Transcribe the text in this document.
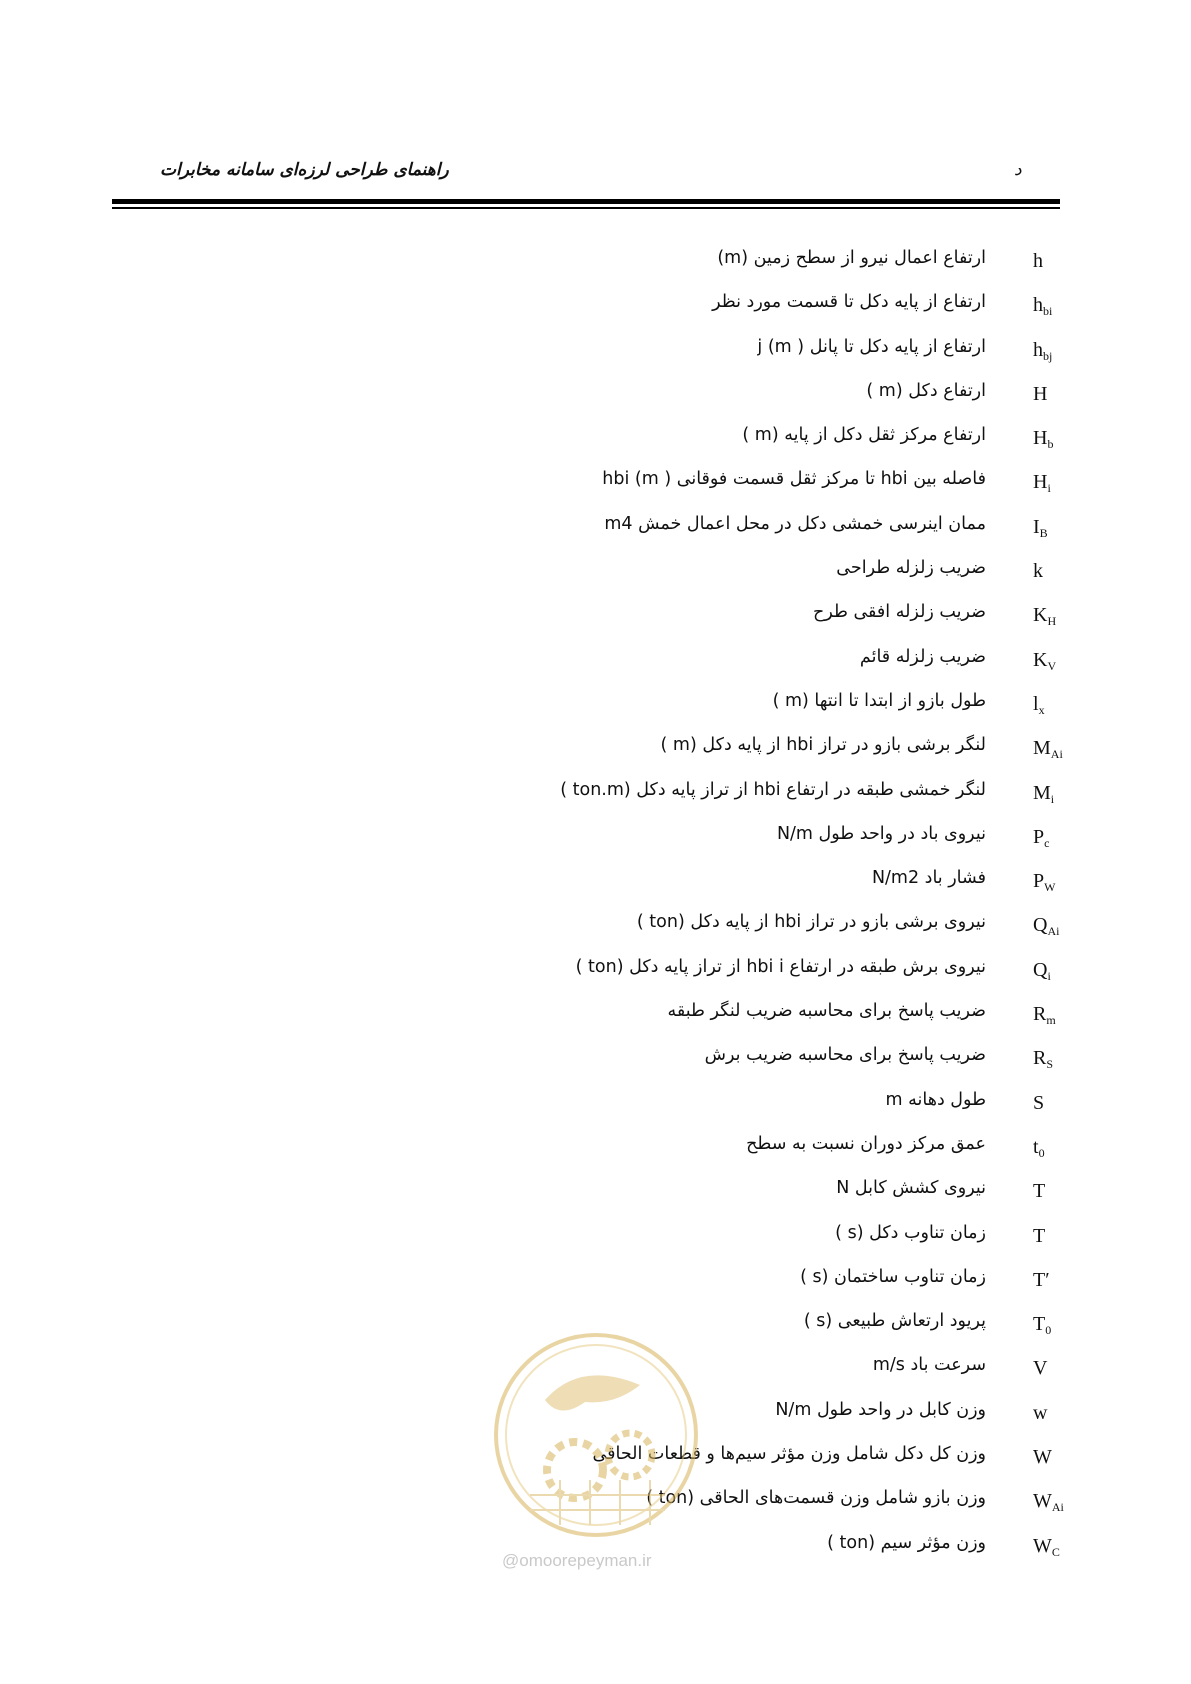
راهنمای طراحی لرزه‌ای سامانه مخابرات	د
h
ارتفاع اعمال نیرو از سطح زمین (m)
$h_{bi}$
ارتفاع از پایه دکل تا قسمت مورد نظر
$h_{bj}$
ارتفاع از پایه دکل تا پانل j (m )
H
ارتفاع دکل (m )
$H_b$
ارتفاع مرکز ثقل دکل از پایه (m )
$H_i$
فاصله بین hbi تا مرکز ثقل قسمت فوقانی hbi (m )
$I_B$
ممان اینرسی خمشی دکل در محل اعمال خمش m4
k
ضریب زلزله طراحی
$K_H$
ضریب زلزله افقی طرح
$K_V$
ضریب زلزله قائم
$l_x$
طول بازو از ابتدا تا انتها (m )
$M_{Ai}$
لنگر برشی بازو در تراز hbi از پایه دکل (m )
$M_i$
لنگر خمشی طبقه در ارتفاع hbi از تراز پایه دکل (ton.m )
$P_c$
نیروی باد در واحد طول N/m
$P_W$
فشار باد N/m2
$Q_{Ai}$
نیروی برشی بازو در تراز hbi از پایه دکل (ton )
$Q_i$
نیروی برش طبقه در ارتفاع hbi i از تراز پایه دکل (ton )
$R_m$
ضریب پاسخ برای محاسبه ضریب لنگر طبقه
$R_S$
ضریب پاسخ برای محاسبه ضریب برش
S
طول دهانه m
$t_0$
عمق مرکز دوران نسبت به سطح
T
نیروی کشش کابل N
T
زمان تناوب دکل (s )
T′
زمان تناوب ساختمان (s )
$T_0$
پریود ارتعاش طبیعی (s )
V
سرعت باد m/s
w
وزن کابل در واحد طول N/m
W
وزن کل دکل شامل وزن مؤثر سیم‌ها و قطعات الحاقی
$W_{Ai}$
وزن بازو شامل وزن قسمت‌های الحاقی (ton )
$W_C$
وزن مؤثر سیم (ton )
@omoorepeyman.ir
